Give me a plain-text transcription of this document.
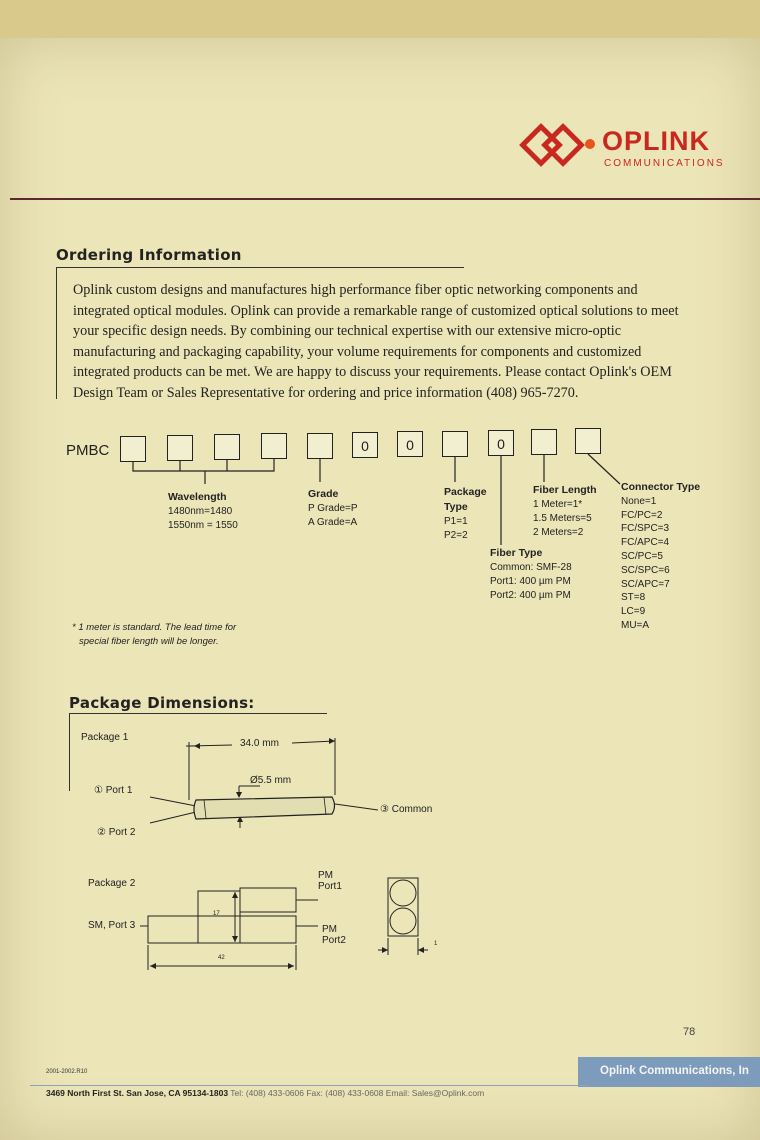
OPLINK
COMMUNICATIONS
Ordering Information
Oplink custom designs and manufactures high performance fiber optic networking components and integrated optical modules. Oplink can provide a remarkable range of customized optical solutions to meet your specific design needs. By combining our technical expertise with our extensive micro-optic manufacturing and packaging capability, your volume requirements for components and customized integrated products can be met. We are happy to discuss your requirements. Please contact Oplink's OEM Design Team or Sales Representative for ordering and price information (408) 965-7270.
PMBC	0	0	0
Wavelength
1480nm=1480
1550nm = 1550
Grade
P Grade=P
A Grade=A
Package
Type
P1=1
P2=2
Fiber Type
Common: SMF-28
Port1: 400 µm PM
Port2: 400 µm PM
Fiber Length
1 Meter=1*
1.5 Meters=5
2 Meters=2
Connector Type
None=1
FC/PC=2
FC/SPC=3
FC/APC=4
SC/PC=5
SC/SPC=6
SC/APC=7
ST=8
LC=9
MU=A
* 1 meter is standard. The lead time for
special fiber length will be longer.
Package Dimensions:
Package 1
34.0 mm
Ø5.5 mm
① Port 1
② Port 2
③ Common
Package 2
SM, Port 3
PM
Port1
PM
Port2
17
42
1
78
2001-2002.R10	Oplink Communications, In
3469 North First St. San Jose, CA 95134-1803 Tel: (408) 433-0606 Fax: (408) 433-0608 Email: Sales@Oplink.com
